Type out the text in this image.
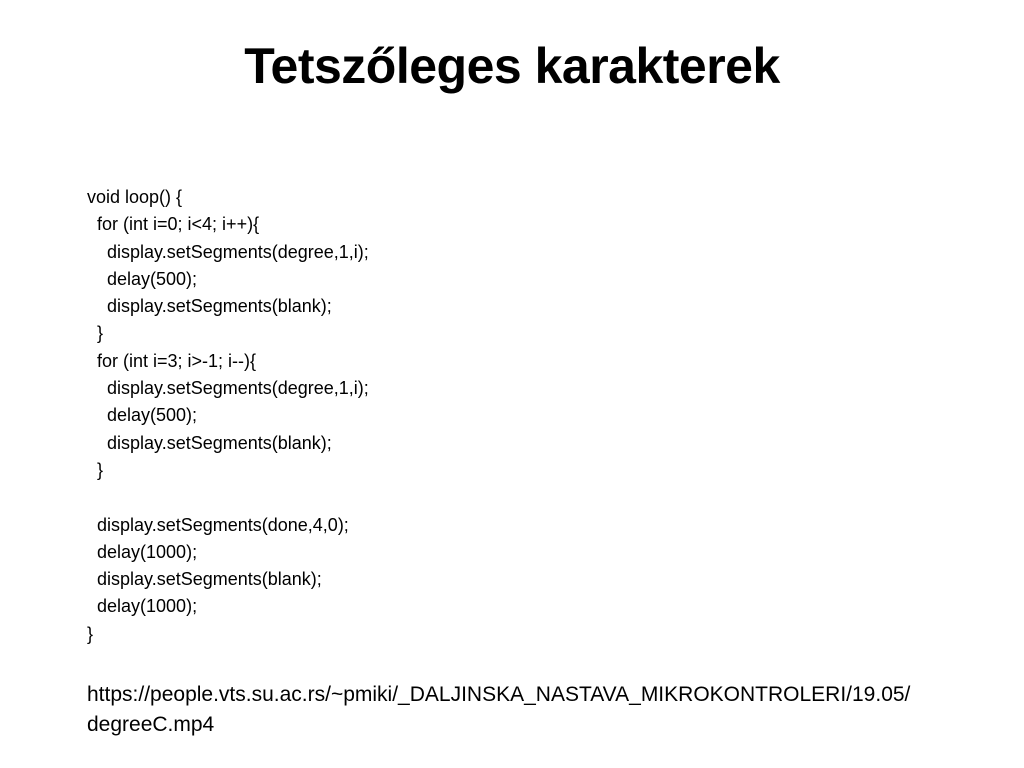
Tetszőleges karakterek
void loop() {
for (int i=0; i<4; i++){
display.setSegments(degree,1,i);
delay(500);
display.setSegments(blank);
}
for (int i=3; i>-1; i--){
display.setSegments(degree,1,i);
delay(500);
display.setSegments(blank);
}
display.setSegments(done,4,0);
delay(1000);
display.setSegments(blank);
delay(1000);
}
https://people.vts.su.ac.rs/~pmiki/_DALJINSKA_NASTAVA_MIKROKONTROLERI/19.05/
degreeC.mp4
